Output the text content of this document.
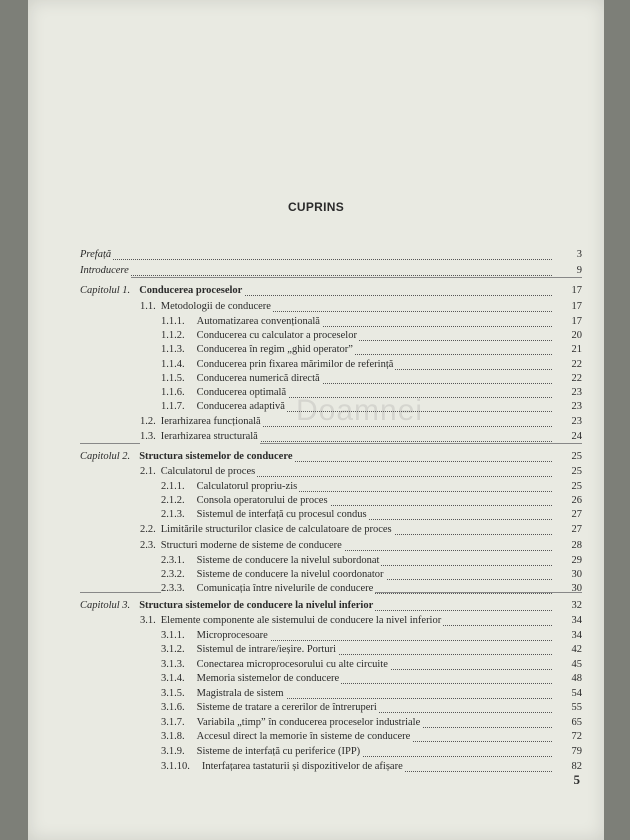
CUPRINS
Doamnei
Prefață	3
Introducere	9
Capitolul 1. Conducerea proceselor	17
1.1. Metodologii de conducere	17
1.1.1. Automatizarea convențională	17
1.1.2. Conducerea cu calculator a proceselor	20
1.1.3. Conducerea în regim „ghid operator”	21
1.1.4. Conducerea prin fixarea mărimilor de referință	22
1.1.5. Conducerea numerică directă	22
1.1.6. Conducerea optimală	23
1.1.7. Conducerea adaptivă	23
1.2. Ierarhizarea funcțională	23
1.3. Ierarhizarea structurală	24
Capitolul 2. Structura sistemelor de conducere	25
2.1. Calculatorul de proces	25
2.1.1. Calculatorul propriu-zis	25
2.1.2. Consola operatorului de proces	26
2.1.3. Sistemul de interfață cu procesul condus	27
2.2. Limitările structurilor clasice de calculatoare de proces	27
2.3. Structuri moderne de sisteme de conducere	28
2.3.1. Sisteme de conducere la nivelul subordonat	29
2.3.2. Sisteme de conducere la nivelul coordonator	30
2.3.3. Comunicația între nivelurile de conducere	30
Capitolul 3. Structura sistemelor de conducere la nivelul inferior	32
3.1. Elemente componente ale sistemului de conducere la nivel inferior	34
3.1.1. Microprocesoare	34
3.1.2. Sistemul de intrare/ieșire. Porturi	42
3.1.3. Conectarea microprocesorului cu alte circuite	45
3.1.4. Memoria sistemelor de conducere	48
3.1.5. Magistrala de sistem	54
3.1.6. Sisteme de tratare a cererilor de întreruperi	55
3.1.7. Variabila „timp” în conducerea proceselor industriale	65
3.1.8. Accesul direct la memorie în sisteme de conducere	72
3.1.9. Sisteme de interfață cu periferice (IPP)	79
3.1.10. Interfațarea tastaturii și dispozitivelor de afișare	82
5
